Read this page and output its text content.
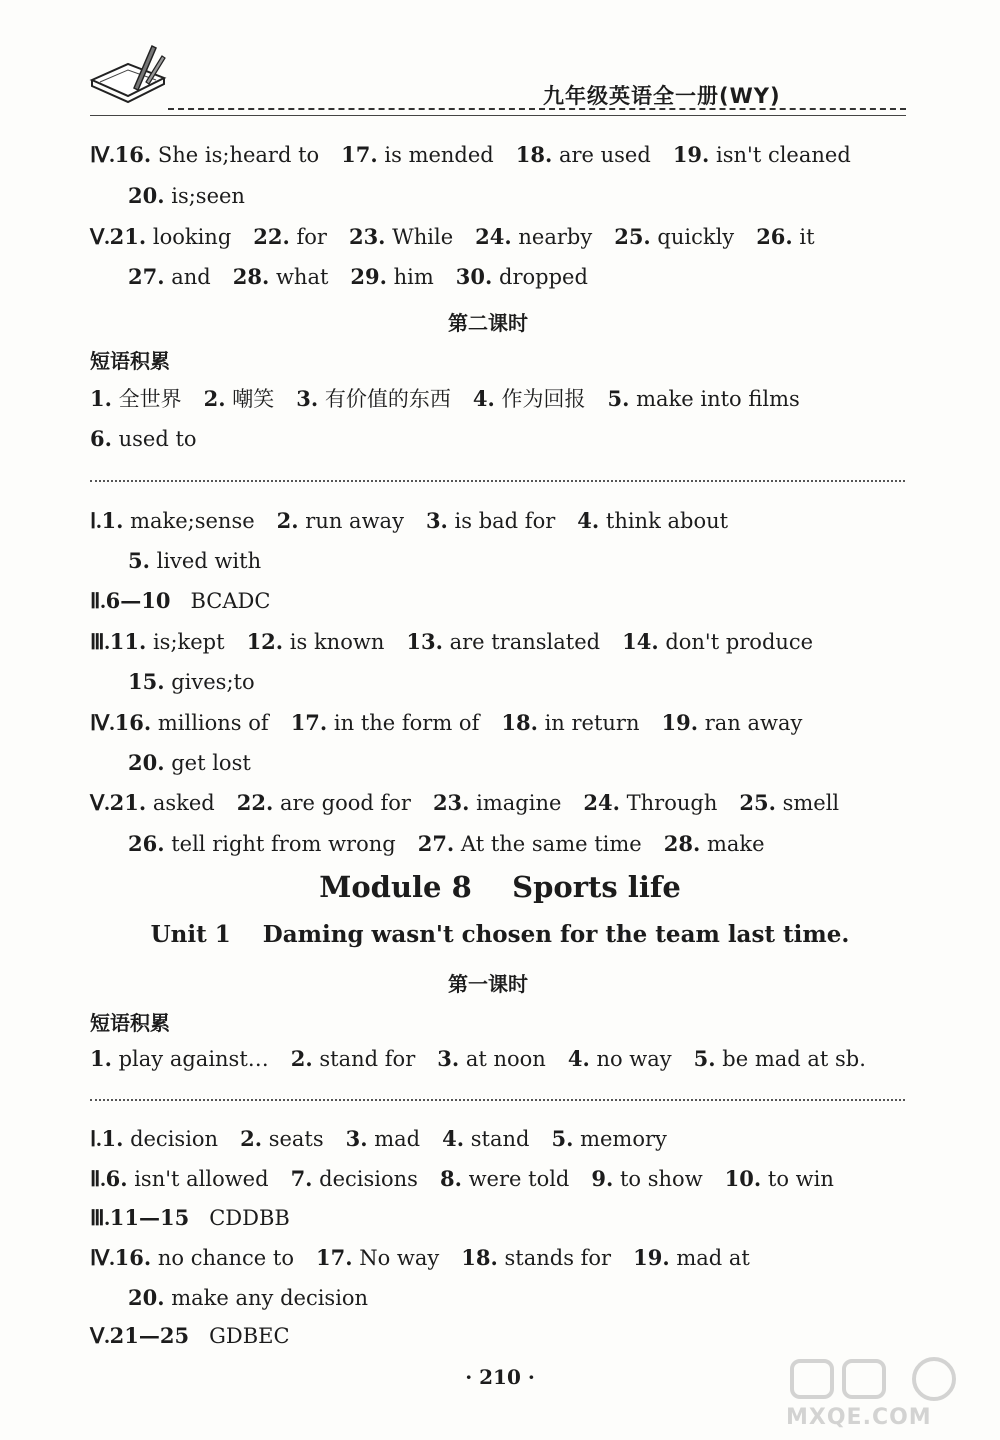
九年级英语全一册(WY)
Ⅳ.16. She is;heard to 17. is mended 18. are used 19. isn't cleaned
20. is;seen
Ⅴ.21. looking 22. for 23. While 24. nearby 25. quickly 26. it
27. and 28. what 29. him 30. dropped
第二课时
短语积累
1. 全世界 2. 嘲笑 3. 有价值的东西 4. 作为回报 5. make into films
6. used to
Ⅰ.1. make;sense 2. run away 3. is bad for 4. think about
5. lived with
Ⅱ.6—10   BCADC
Ⅲ.11. is;kept 12. is known 13. are translated 14. don't produce
15. gives;to
Ⅳ.16. millions of 17. in the form of 18. in return 19. ran away
20. get lost
Ⅴ.21. asked 22. are good for 23. imagine 24. Through 25. smell
26. tell right from wrong 27. At the same time 28. make
Module 8    Sports life
Unit 1    Daming wasn't chosen for the team last time.
第一课时
短语积累
1. play against… 2. stand for 3. at noon 4. no way 5. be mad at sb.
Ⅰ.1. decision 2. seats 3. mad 4. stand 5. memory
Ⅱ.6. isn't allowed 7. decisions 8. were told 9. to show 10. to win
Ⅲ.11—15   CDDBB
Ⅳ.16. no chance to 17. No way 18. stands for 19. mad at
20. make any decision
Ⅴ.21—25   GDBEC
· 210 ·
MXQE.COM
